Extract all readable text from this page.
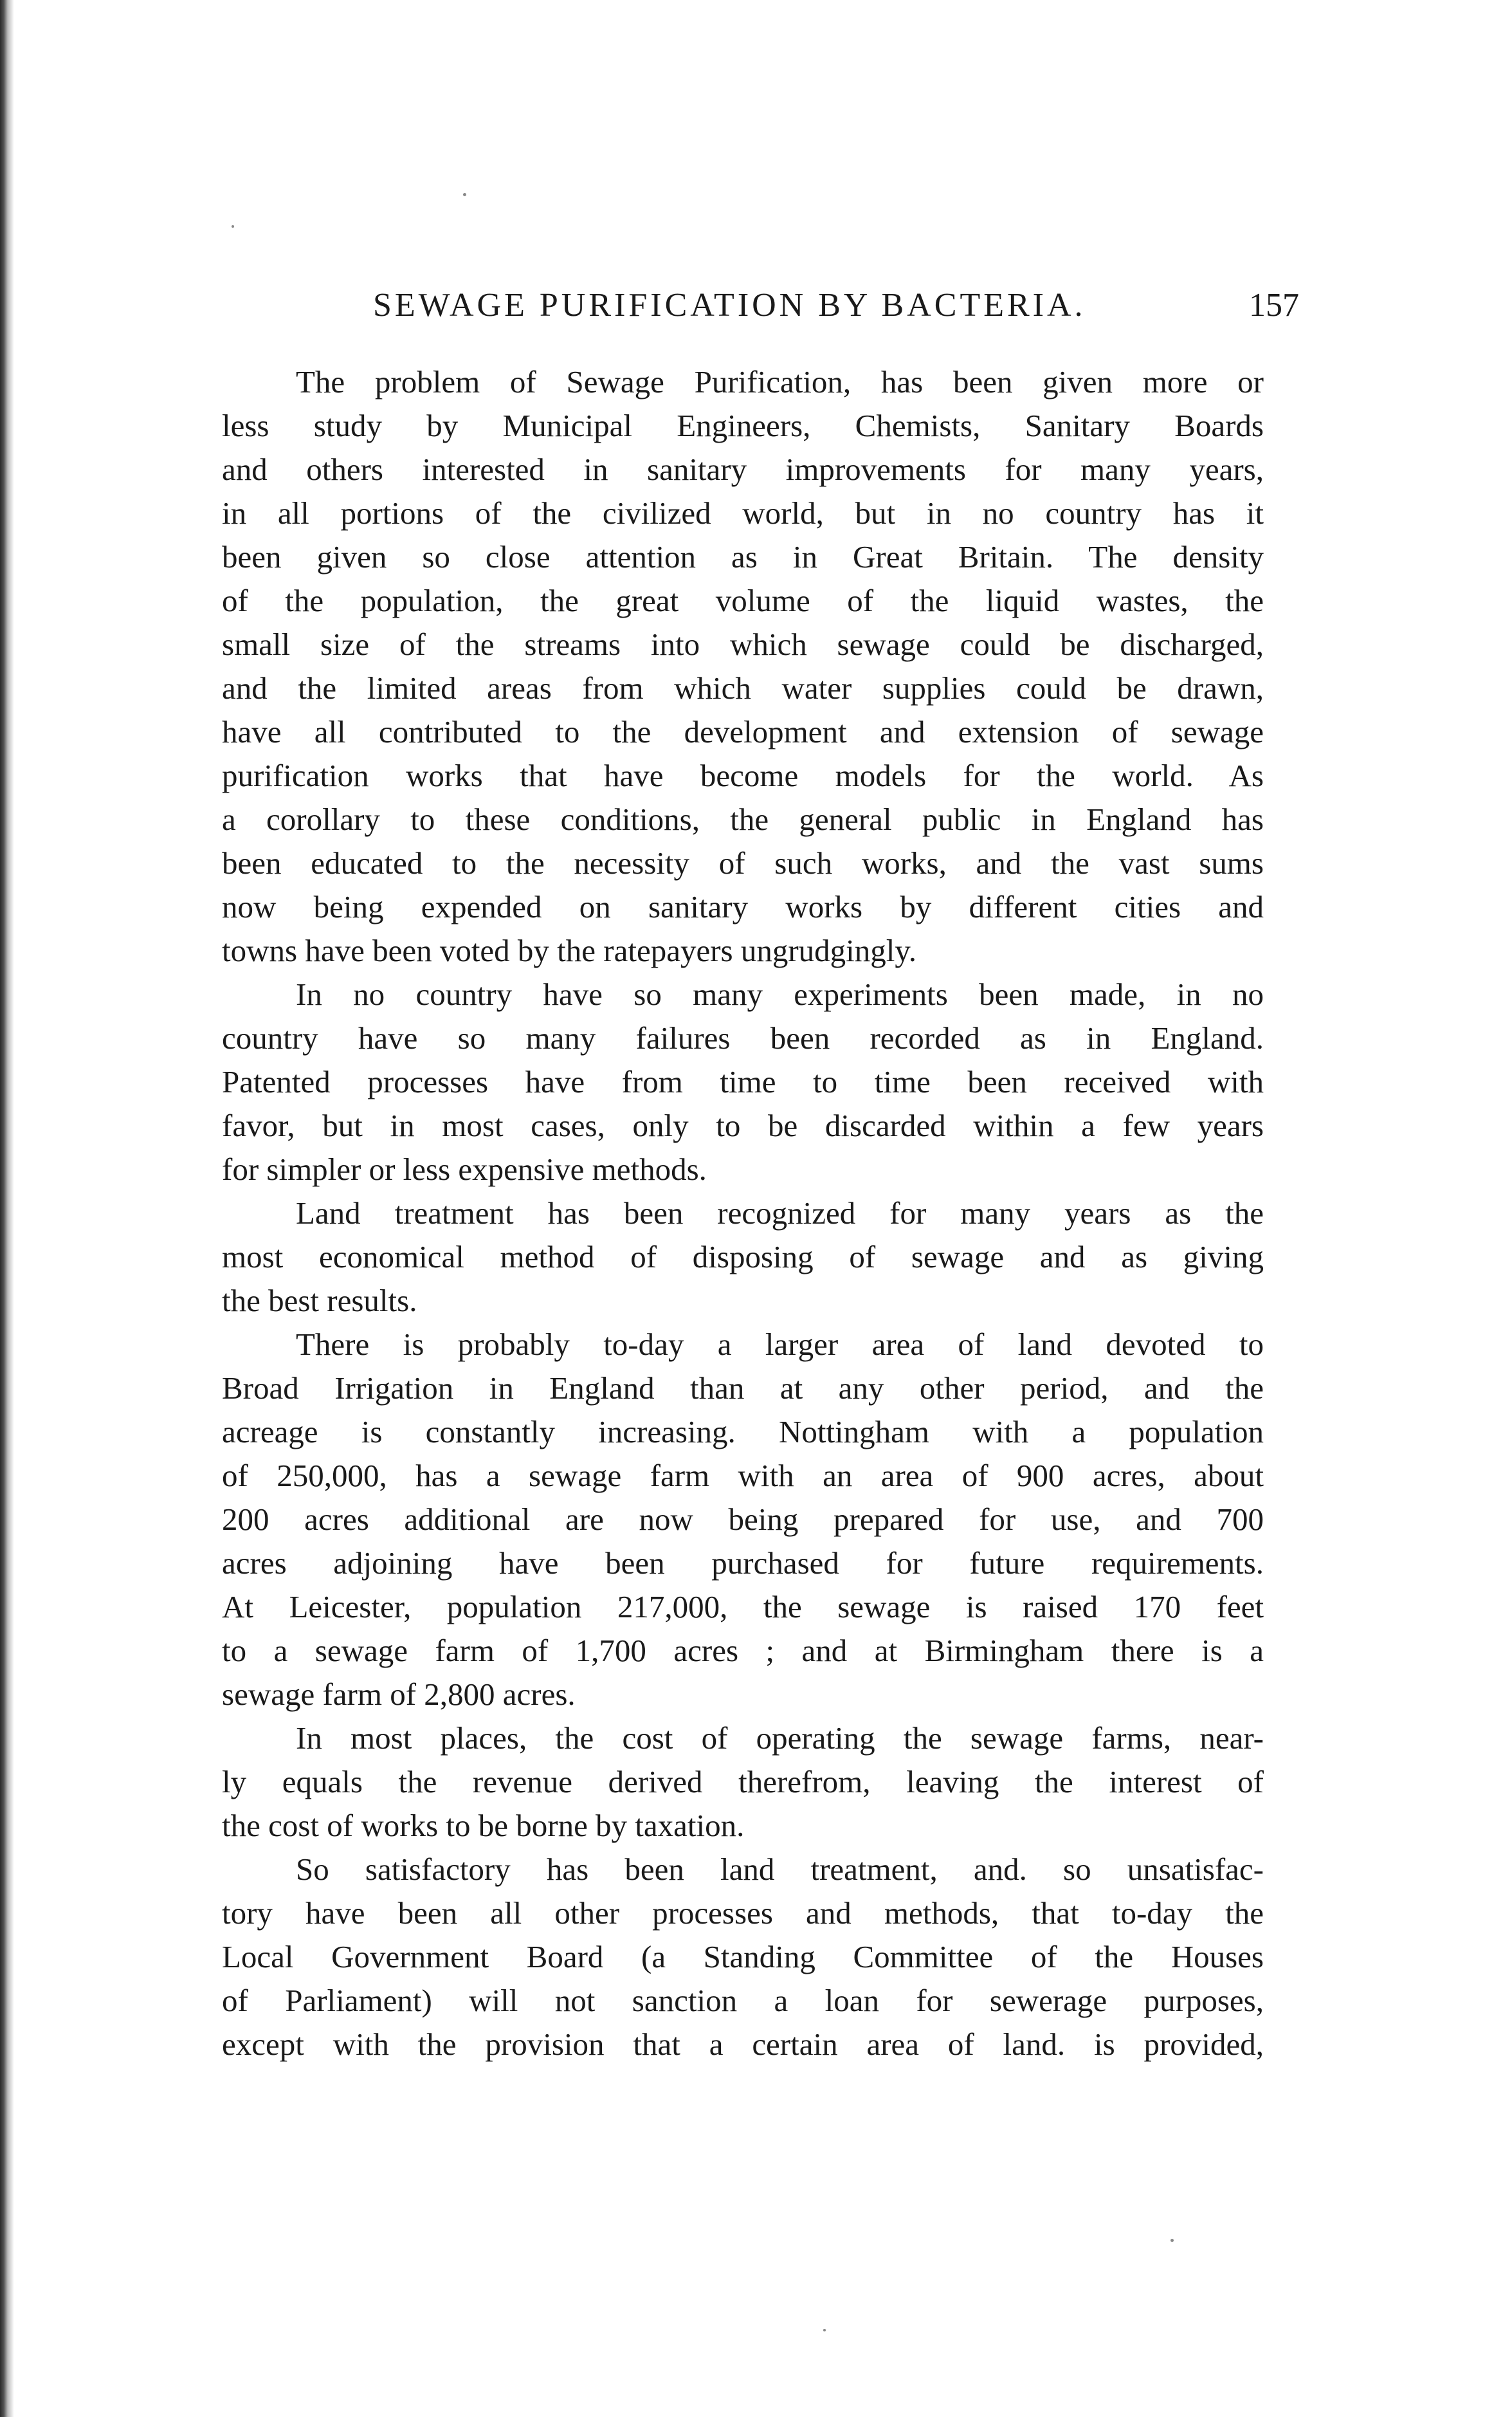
SEWAGE PURIFICATION BY BACTERIA.	157
The problem of Sewage Purification, has been given more or
less study by Municipal Engineers, Chemists, Sanitary Boards
and others interested in sanitary improvements for many years,
in all portions of the civilized world, but in no country has it
been given so close attention as in Great Britain. The density
of the population, the great volume of the liquid wastes, the
small size of the streams into which sewage could be discharged,
and the limited areas from which water supplies could be drawn,
have all contributed to the development and extension of sewage
purification works that have become models for the world. As
a corollary to these conditions, the general public in England has
been educated to the necessity of such works, and the vast sums
now being expended on sanitary works by different cities and
towns have been voted by the ratepayers ungrudgingly.
In no country have so many experiments been made, in no
country have so many failures been recorded as in England.
Patented processes have from time to time been received with
favor, but in most cases, only to be discarded within a few years
for simpler or less expensive methods.
Land treatment has been recognized for many years as the
most economical method of disposing of sewage and as giving
the best results.
There is probably to-day a larger area of land devoted to
Broad Irrigation in England than at any other period, and the
acreage is constantly increasing. Nottingham with a population
of 250,000, has a sewage farm with an area of 900 acres, about
200 acres additional are now being prepared for use, and 700
acres adjoining have been purchased for future requirements.
At Leicester, population 217,000, the sewage is raised 170 feet
to a sewage farm of 1,700 acres ; and at Birmingham there is a
sewage farm of 2,800 acres.
In most places, the cost of operating the sewage farms, near-
ly equals the revenue derived therefrom, leaving the interest of
the cost of works to be borne by taxation.
So satisfactory has been land treatment, and. so unsatisfac-
tory have been all other processes and methods, that to-day the
Local Government Board (a Standing Committee of the Houses
of Parliament) will not sanction a loan for sewerage purposes,
except with the provision that a certain area of land. is provided,
